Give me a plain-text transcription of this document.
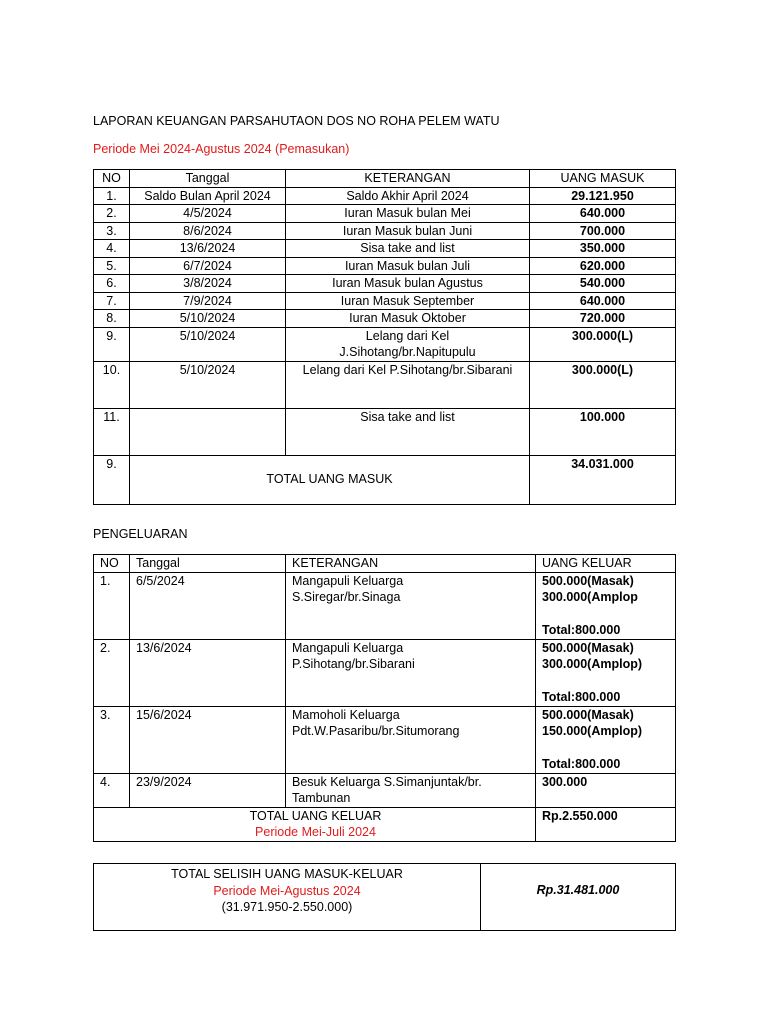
LAPORAN KEUANGAN PARSAHUTAON DOS NO ROHA PELEM WATU
Periode Mei 2024-Agustus 2024 (Pemasukan)
NO	Tanggal	KETERANGAN	UANG MASUK
1.	Saldo Bulan April 2024	Saldo Akhir April 2024	29.121.950
2.	4/5/2024	Iuran Masuk bulan Mei	640.000
3.	8/6/2024	Iuran Masuk bulan Juni	700.000
4.	13/6/2024	Sisa take and list	350.000
5.	6/7/2024	Iuran Masuk bulan Juli	620.000
6.	3/8/2024	Iuran Masuk bulan Agustus	540.000
7.	7/9/2024	Iuran Masuk September	640.000
8.	5/10/2024	Iuran Masuk Oktober	720.000
9.	5/10/2024	Lelang dari Kel
J.Sihotang/br.Napitupulu	300.000(L)
10.	5/10/2024	Lelang dari Kel P.Sihotang/br.Sibarani	300.000(L)
11.		Sisa take and list	100.000
9.	TOTAL UANG MASUK		34.031.000
PENGELUARAN
NO	Tanggal	KETERANGAN	UANG KELUAR
1.	6/5/2024	Mangapuli Keluarga
S.Siregar/br.Sinaga	500.000(Masak)
300.000(Amplop

Total:800.000

2.	13/6/2024	Mangapuli Keluarga
P.Sihotang/br.Sibarani	500.000(Masak)
300.000(Amplop)

Total:800.000

3.	15/6/2024	Mamoholi Keluarga
Pdt.W.Pasaribu/br.Situmorang	500.000(Masak)
150.000(Amplop)

Total:800.000

4.	23/9/2024	Besuk Keluarga S.Simanjuntak/br.
Tambunan	300.000

TOTAL UANG KELUAR
Periode Mei-Juli 2024			Rp.2.550.000
TOTAL SELISIH UANG MASUK-KELUAR
Periode Mei-Agustus 2024
(31.971.950-2.550.000)
	Rp.31.481.000
